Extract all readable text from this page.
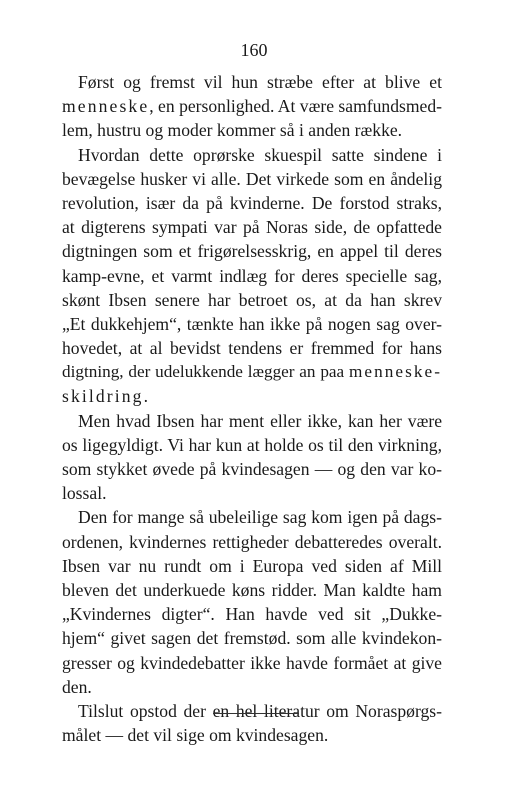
160
Først og fremst vil hun stræbe efter at blive et
menneske, en personlighed. At være samfundsmed-
lem, hustru og moder kommer så i anden række.
Hvordan dette oprørske skuespil satte sindene i
bevægelse husker vi alle. Det virkede som en åndelig
revolution, især da på kvinderne. De forstod straks,
at digterens sympati var på Noras side, de opfattede
digtningen som et frigørelsesskrig, en appel til deres
kamp-evne, et varmt indlæg for deres specielle sag,
skønt Ibsen senere har betroet os, at da han skrev
„Et dukkehjem“, tænkte han ikke på nogen sag over-
hovedet, at al bevidst tendens er fremmed for hans
digtning, der udelukkende lægger an paa menneske-
skildring.
Men hvad Ibsen har ment eller ikke, kan her være
os ligegyldigt. Vi har kun at holde os til den virkning,
som stykket øvede på kvindesagen — og den var ko-
lossal.
Den for mange så ubeleilige sag kom igen på dags-
ordenen, kvindernes rettigheder debatteredes overalt.
Ibsen var nu rundt om i Europa ved siden af Mill
bleven det underkuede køns ridder. Man kaldte ham
„Kvindernes digter“. Han havde ved sit „Dukke-
hjem“ givet sagen det fremstød. som alle kvindekon-
gresser og kvindedebatter ikke havde formået at give
den.
Tilslut opstod der en hel literatur om Noraspørgs-
målet — det vil sige om kvindesagen.
